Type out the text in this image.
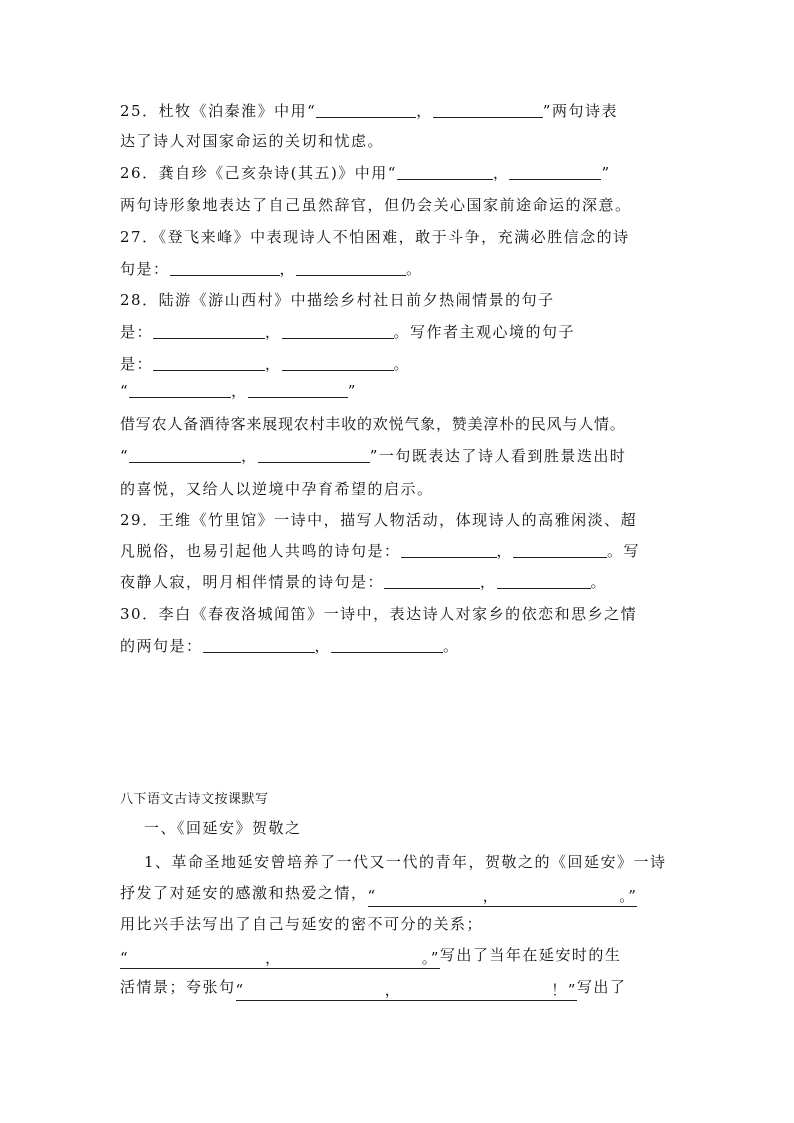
25．杜牧《泊秦淮》中用“	，	”两句诗表
达了诗人对国家命运的关切和忧虑。
26．龚自珍《己亥杂诗(其五)》中用“	，	”
两句诗形象地表达了自己虽然辞官，但仍会关心国家前途命运的深意。
27．《登飞来峰》中表现诗人不怕困难，敢于斗争，充满必胜信念的诗
句是：	，	。
28．陆游《游山西村》中描绘乡村社日前夕热闹情景的句子
是：	，	。写作者主观心境的句子
是：	，	。
“	，	”
借写农人备酒待客来展现农村丰收的欢悦气象，赞美淳朴的民风与人情。
“	，	”一句既表达了诗人看到胜景迭出时
的喜悦，又给人以逆境中孕育希望的启示。
29．王维《竹里馆》一诗中，描写人物活动，体现诗人的高雅闲淡、超
凡脱俗，也易引起他人共鸣的诗句是：	，	。写
夜静人寂，明月相伴情景的诗句是：	，	。
30．李白《春夜洛城闻笛》一诗中，表达诗人对家乡的依恋和思乡之情
的两句是：	，	。
八下语文古诗文按课默写
一、《回延安》贺敬之
1、革命圣地延安曾培养了一代又一代的青年，贺敬之的《回延安》一诗
抒发了对延安的感激和热爱之情，“	，	。”
用比兴手法写出了自己与延安的密不可分的关系；
“	，	。”写出了当年在延安时的生
活情景；夸张句“	，	！”写出了
